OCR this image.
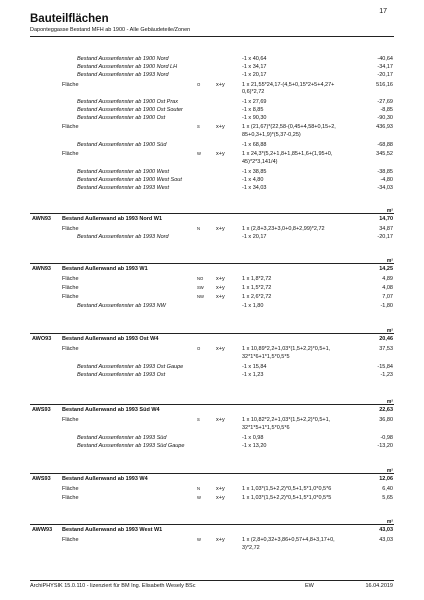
17
Bauteilflächen
Daponteggasse Bestand MFH ab 1900 - Alle Gebäudeteile/Zonen
Bestand Aussenfenster ab 1900 Nord	-1 x 40,64	-40,64
Bestand Aussenfenster ab 1900 Nord LH	-1 x 34,17	-34,17
Bestand Aussenfenster ab 1993 Nord	-1 x 20,17	-20,17
Fläche	O	x+y	1 x 21,55*24,17-(4,5+0,15*2+5+4,27+	516,16
0,6)*2,72
Bestand Aussenfenster ab 1900 Ost Prax	-1 x 27,69	-27,69
Bestand Aussenfenster ab 1900 Ost Souter	-1 x 8,85	-8,85
Bestand Aussenfenster ab 1900 Ost	-1 x 90,30	-90,30
Fläche	S	x+y	1 x (21,67)*(22,58-(0,45+4,58+0,15÷2,	436,93
85+0,3+1,9)*(5,37-0,25)
Bestand Aussenfenster ab 1900 Süd	-1 x 68,88	-68,88
Fläche	W	x+y	1 x 24,3*(5,2+1,8+1,85+1,6+(1,95+0,	345,52
45)*2*3,141/4)
Bestand Aussenfenster ab 1900 West	-1 x 38,85	-38,85
Bestand Aussenfenster ab 1900 West Sout	-1 x 4,80	-4,80
Bestand Aussenfenster ab 1993 West	-1 x 34,03	-34,03
m²
AWN93 Bestand Außenwand ab 1993 Nord W1	14,70
Fläche	N	x+y	1 x (2,8+3,23+3,0+0,8+2,99)*2,72	34,87
Bestand Aussenfenster ab 1993 Nord	-1 x 20,17	-20,17
m²
AWN93 Bestand Außenwand ab 1993 W1	14,25
Fläche	NO x+y	1 x 1,8*2,72	4,89
Fläche	SW x+y	1 x 1,5*2,72	4,08
Fläche	NW x+y	1 x 2,6*2,72	7,07
Bestand Aussenfenster ab 1993 NW	-1 x 1,80	-1,80
m²
AWO93 Bestand Außenwand ab 1993 Ost W4	20,46
Fläche	O	x+y	1 x 10,89*2,2+1,03*(1,5+2,2)*0,5+1,	37,53
32*1*6+1*1,5*0,5*5
Bestand Aussenfenster ab 1993 Ost Gaupe	-1 x 15,84	-15,84
Bestand Aussenfenster ab 1993 Ost	-1 x 1,23	-1,23
m²
AWS93 Bestand Außenwand ab 1993 Süd W4	22,63
Fläche	S	x+y	1 x 10,82*2,2+1,03*(1,5+2,2)*0,5+1,	36,80
32*1*5+1*1,5*0,5*6
Bestand Aussenfenster ab 1993 Süd	-1 x 0,98	-0,98
Bestand Aussenfenster ab 1993 Süd Gaupe	-1 x 13,20	-13,20
m²
AWS93 Bestand Außenwand ab 1993 W4	12,06
Fläche	N	x+y	1 x 1,03*(1,5+2,2)*0,5+1,5*1,0*0,5*6	6,40
Fläche	W	x+y	1 x 1,03*(1,5+2,2)*0,5+1,5*1,0*0,5*5	5,65
m²
AWW93 Bestand Außenwand ab 1993 West W1	43,03
Fläche	W	x+y	1 x (2,8+0,32+3,86+0,57+4,8+3,17+0,	43,03
3)*2,72
ArchiPHYSIK 15.0.110 - lizenziert für BM Ing. Elisabeth Wesely BSc	EW	16.04.2019
